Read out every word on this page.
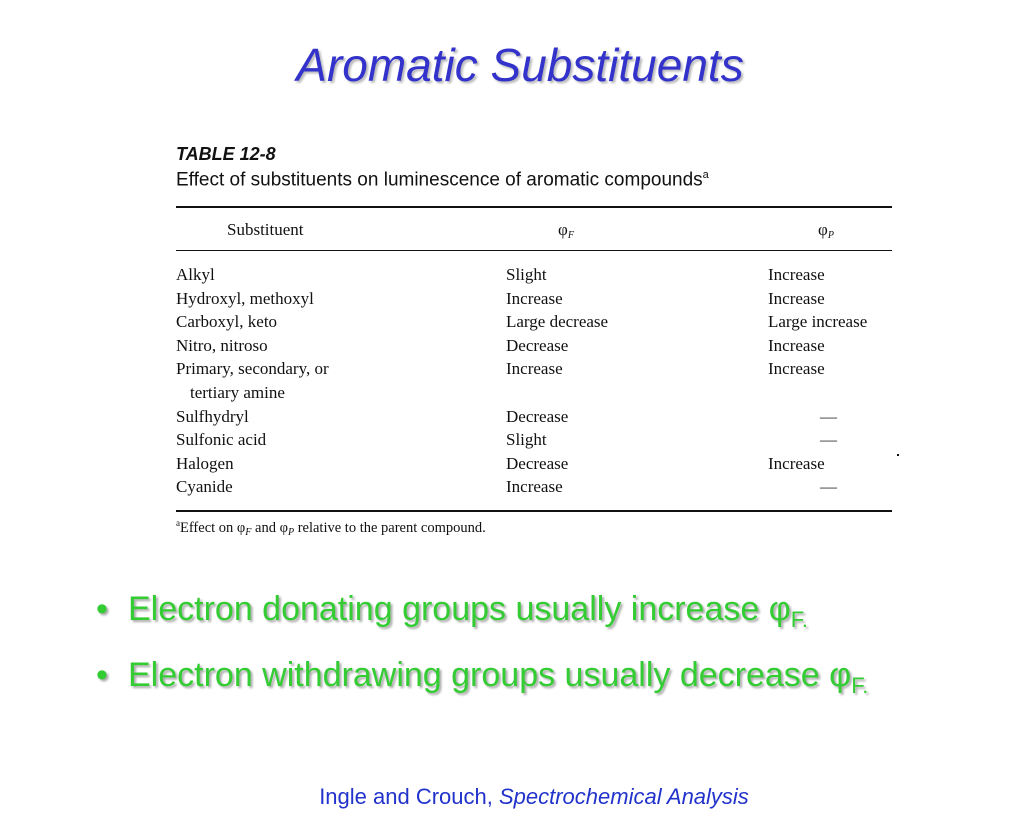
Aromatic Substituents
TABLE 12-8
Effect of substituents on luminescence of aromatic compounds$^a$
Substituent	φF	φP
Alkyl	Slight	Increase
Hydroxyl, methoxyl	Increase	Increase
Carboxyl, keto	Large decrease	Large increase
Nitro, nitroso	Decrease	Increase
Primary, secondary, or	Increase	Increase
tertiary amine
Sulfhydryl	Decrease	—
Sulfonic acid	Slight	—
Halogen	Decrease	Increase
Cyanide	Increase	—
$^a$Effect on $\varphi_F$ and $\varphi_P$ relative to the parent compound.
• Electron donating groups usually increase $\varphi_{F.}$
• Electron withdrawing groups usually decrease $\varphi_{F.}$
Ingle and Crouch, Spectrochemical Analysis
